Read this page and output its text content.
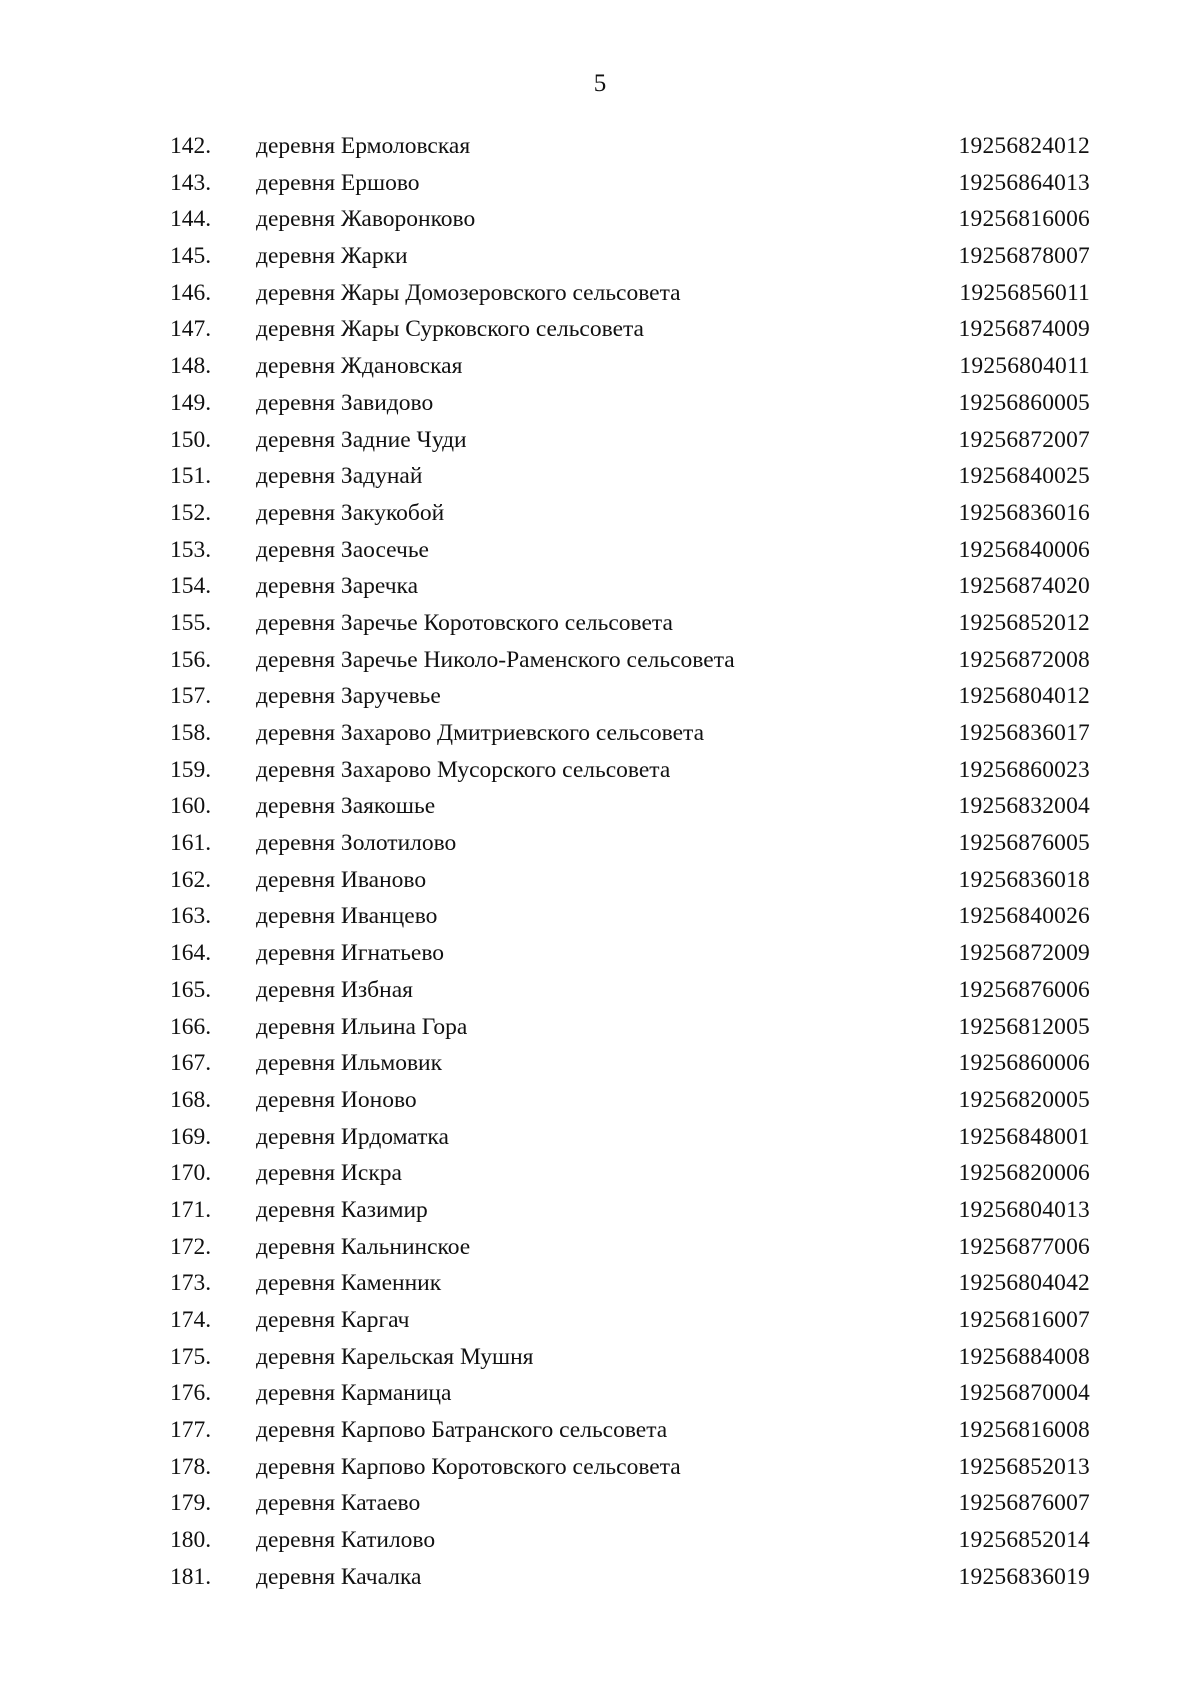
5
142.	деревня Ермоловская	19256824012
143.	деревня Ершово	19256864013
144.	деревня Жаворонково	19256816006
145.	деревня Жарки	19256878007
146.	деревня Жары Домозеровского сельсовета	19256856011
147.	деревня Жары Сурковского сельсовета	19256874009
148.	деревня Ждановская	19256804011
149.	деревня Завидово	19256860005
150.	деревня Задние Чуди	19256872007
151.	деревня Задунай	19256840025
152.	деревня Закукобой	19256836016
153.	деревня Заосечье	19256840006
154.	деревня Заречка	19256874020
155.	деревня Заречье Коротовского сельсовета	19256852012
156.	деревня Заречье Николо-Раменского сельсовета	19256872008
157.	деревня Заручевье	19256804012
158.	деревня Захарово Дмитриевского сельсовета	19256836017
159.	деревня Захарово Мусорского сельсовета	19256860023
160.	деревня Заякошье	19256832004
161.	деревня Золотилово	19256876005
162.	деревня Иваново	19256836018
163.	деревня Иванцево	19256840026
164.	деревня Игнатьево	19256872009
165.	деревня Избная	19256876006
166.	деревня Ильина Гора	19256812005
167.	деревня Ильмовик	19256860006
168.	деревня Ионово	19256820005
169.	деревня Ирдоматка	19256848001
170.	деревня Искра	19256820006
171.	деревня Казимир	19256804013
172.	деревня Кальнинское	19256877006
173.	деревня Каменник	19256804042
174.	деревня Каргач	19256816007
175.	деревня Карельская Мушня	19256884008
176.	деревня Карманица	19256870004
177.	деревня Карпово Батранского сельсовета	19256816008
178.	деревня Карпово Коротовского сельсовета	19256852013
179.	деревня Катаево	19256876007
180.	деревня Катилово	19256852014
181.	деревня Качалка	19256836019
